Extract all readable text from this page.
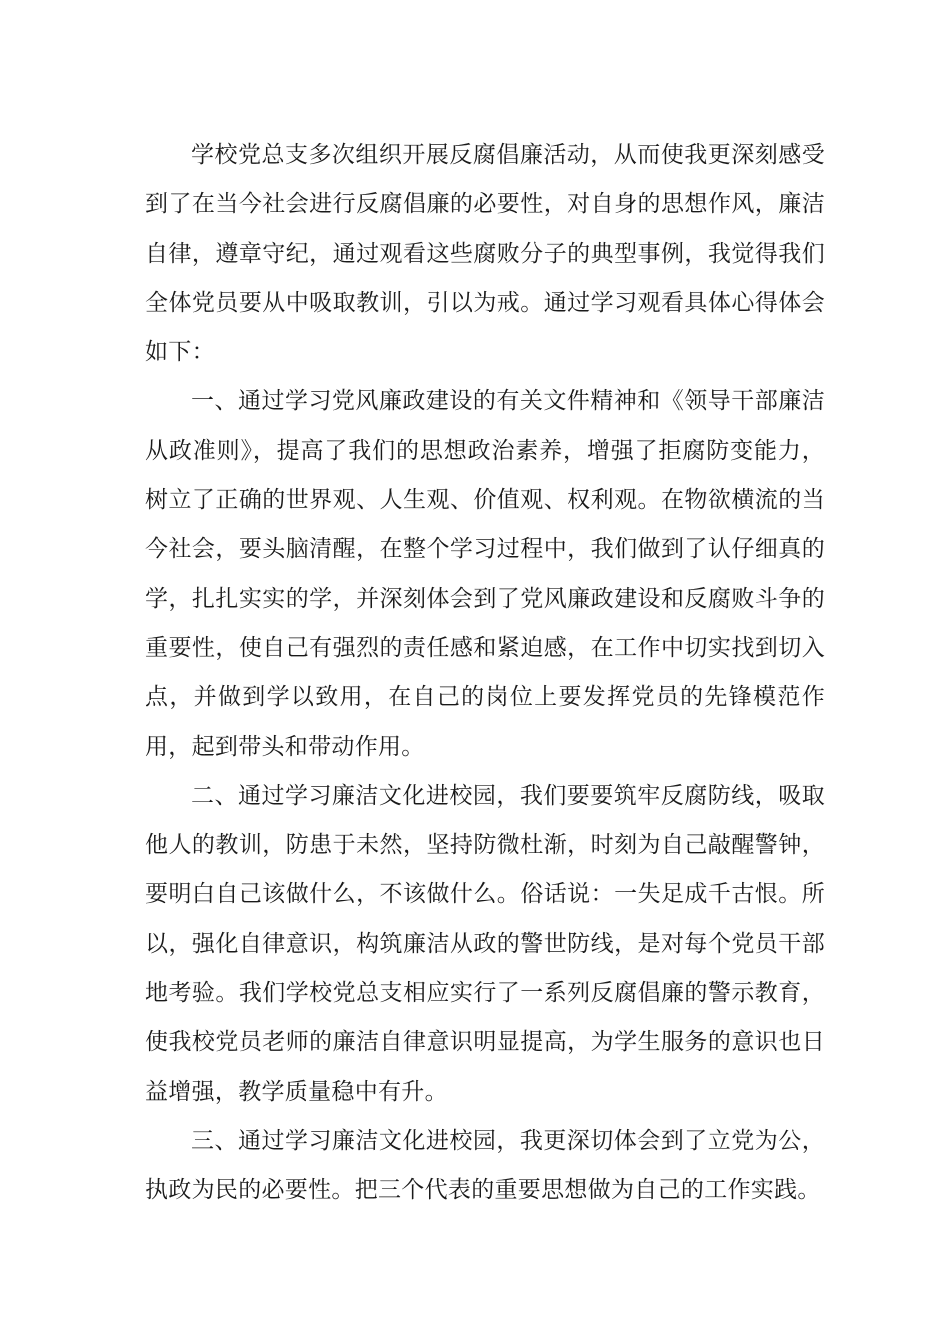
学校党总支多次组织开展反腐倡廉活动，从而使我更深刻感受到了在当今社会进行反腐倡廉的必要性，对自身的思想作风，廉洁自律，遵章守纪，通过观看这些腐败分子的典型事例，我觉得我们全体党员要从中吸取教训，引以为戒。通过学习观看具体心得体会如下：

一、通过学习党风廉政建设的有关文件精神和《领导干部廉洁从政准则》，提高了我们的思想政治素养，增强了拒腐防变能力，树立了正确的世界观、人生观、价值观、权利观。在物欲横流的当今社会，要头脑清醒，在整个学习过程中，我们做到了认仔细真的学，扎扎实实的学，并深刻体会到了党风廉政建设和反腐败斗争的重要性，使自己有强烈的责任感和紧迫感，在工作中切实找到切入点，并做到学以致用，在自己的岗位上要发挥党员的先锋模范作用，起到带头和带动作用。

二、通过学习廉洁文化进校园，我们要要筑牢反腐防线，吸取他人的教训，防患于未然，坚持防微杜渐，时刻为自己敲醒警钟，要明白自己该做什么，不该做什么。俗话说：一失足成千古恨。所以，强化自律意识，构筑廉洁从政的警世防线，是对每个党员干部地考验。我们学校党总支相应实行了一系列反腐倡廉的警示教育，使我校党员老师的廉洁自律意识明显提高，为学生服务的意识也日益增强，教学质量稳中有升。

三、通过学习廉洁文化进校园，我更深切体会到了立党为公，执政为民的必要性。把三个代表的重要思想做为自己的工作实践。
